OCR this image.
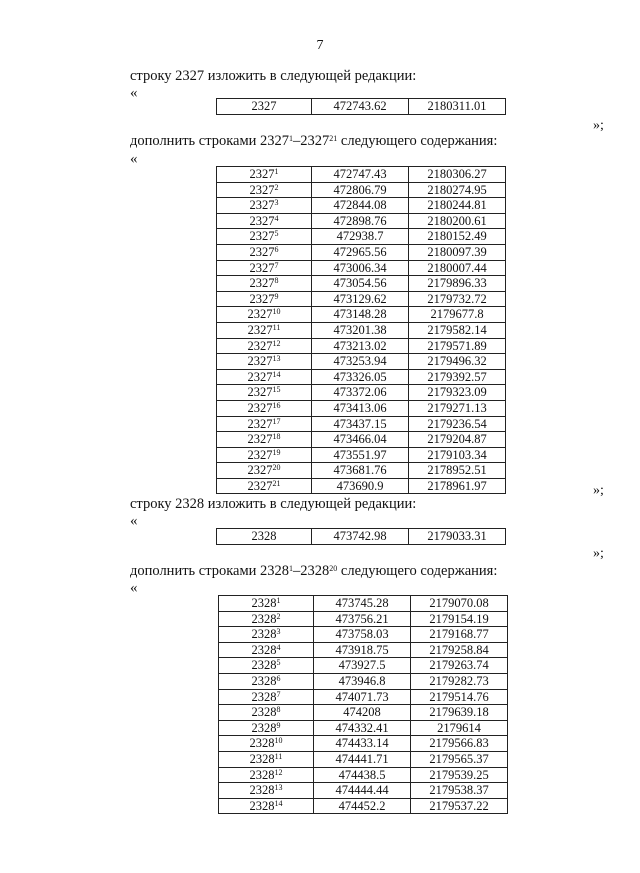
7
строку 2327 изложить в следующей редакции:
«
2327	472743.62	2180311.01
»;
дополнить строками 2327$^1$–2327$^{21}$ следующего содержания:
«
2327$^1$	472747.43	2180306.27
2327$^2$	472806.79	2180274.95
2327$^3$	472844.08	2180244.81
2327$^4$	472898.76	2180200.61
2327$^5$	472938.7	2180152.49
2327$^6$	472965.56	2180097.39
2327$^7$	473006.34	2180007.44
2327$^8$	473054.56	2179896.33
2327$^9$	473129.62	2179732.72
2327$^{10}$	473148.28	2179677.8
2327$^{11}$	473201.38	2179582.14
2327$^{12}$	473213.02	2179571.89
2327$^{13}$	473253.94	2179496.32
2327$^{14}$	473326.05	2179392.57
2327$^{15}$	473372.06	2179323.09
2327$^{16}$	473413.06	2179271.13
2327$^{17}$	473437.15	2179236.54
2327$^{18}$	473466.04	2179204.87
2327$^{19}$	473551.97	2179103.34
2327$^{20}$	473681.76	2178952.51
2327$^{21}$	473690.9	2178961.97	»;
строку 2328 изложить в следующей редакции:
«
2328	473742.98	2179033.31
»;
дополнить строками 2328$^1$–2328$^{20}$ следующего содержания:
«
2328$^1$	473745.28	2179070.08
2328$^2$	473756.21	2179154.19
2328$^3$	473758.03	2179168.77
2328$^4$	473918.75	2179258.84
2328$^5$	473927.5	2179263.74
2328$^6$	473946.8	2179282.73
2328$^7$	474071.73	2179514.76
2328$^8$	474208	2179639.18
2328$^9$	474332.41	2179614
2328$^{10}$	474433.14	2179566.83
2328$^{11}$	474441.71	2179565.37
2328$^{12}$	474438.5	2179539.25
2328$^{13}$	474444.44	2179538.37
2328$^{14}$	474452.2	2179537.22
